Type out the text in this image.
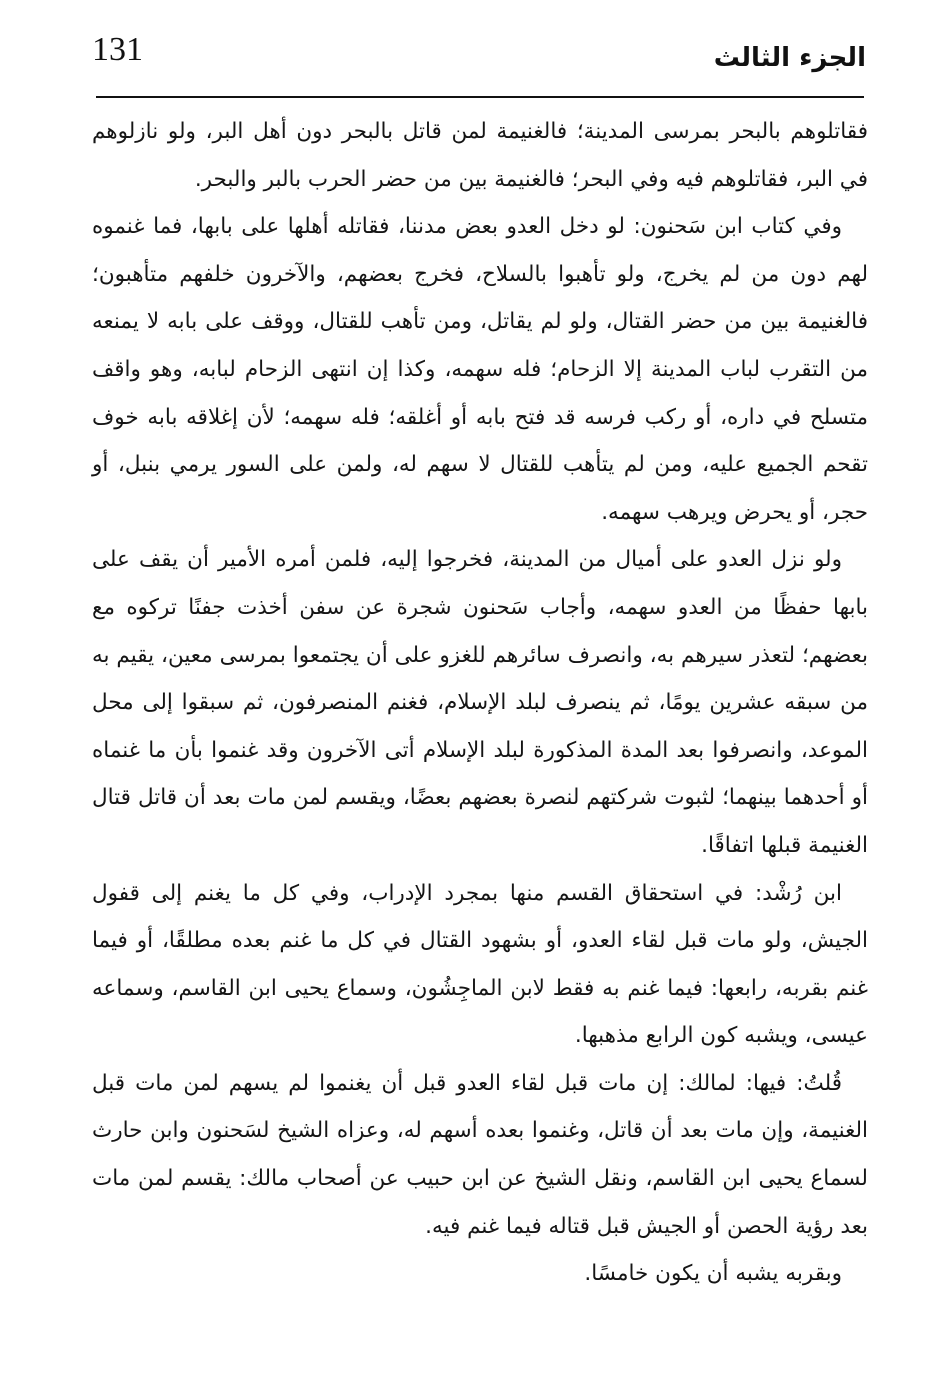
131	الجزء الثالث

فقاتلوهم بالبحر بمرسى المدينة؛ فالغنيمة لمن قاتل بالبحر دون أهل البر، ولو نازلوهم في البر، فقاتلوهم فيه وفي البحر؛ فالغنيمة بين من حضر الحرب بالبر والبحر.

وفي كتاب ابن سَحنون: لو دخل العدو بعض مدننا، فقاتله أهلها على بابها، فما غنموه لهم دون من لم يخرج، ولو تأهبوا بالسلاح، فخرج بعضهم، والآخرون خلفهم متأهبون؛ فالغنيمة بين من حضر القتال، ولو لم يقاتل، ومن تأهب للقتال، ووقف على بابه لا يمنعه من التقرب لباب المدينة إلا الزحام؛ فله سهمه، وكذا إن انتهى الزحام لبابه، وهو واقف متسلح في داره، أو ركب فرسه قد فتح بابه أو أغلقه؛ فله سهمه؛ لأن إغلاقه بابه خوف تقحم الجميع عليه، ومن لم يتأهب للقتال لا سهم له، ولمن على السور يرمي بنبل، أو حجر، أو يحرض ويرهب سهمه.

ولو نزل العدو على أميال من المدينة، فخرجوا إليه، فلمن أمره الأمير أن يقف على بابها حفظًا من العدو سهمه، وأجاب سَحنون شجرة عن سفن أخذت جفنًا تركوه مع بعضهم؛ لتعذر سيرهم به، وانصرف سائرهم للغزو على أن يجتمعوا بمرسى معين، يقيم به من سبقه عشرين يومًا، ثم ينصرف لبلد الإسلام، فغنم المنصرفون، ثم سبقوا إلى محل الموعد، وانصرفوا بعد المدة المذكورة لبلد الإسلام أتى الآخرون وقد غنموا بأن ما غنماه أو أحدهما بينهما؛ لثبوت شركتهم لنصرة بعضهم بعضًا، ويقسم لمن مات بعد أن قاتل قتال الغنيمة قبلها اتفاقًا.

ابن رُشْد: في استحقاق القسم منها بمجرد الإدراب، وفي كل ما يغنم إلى قفول الجيش، ولو مات قبل لقاء العدو، أو بشهود القتال في كل ما غنم بعده مطلقًا، أو فيما غنم بقربه، رابعها: فيما غنم به فقط لابن الماجِشُون، وسماع يحيى ابن القاسم، وسماعه عيسى، ويشبه كون الرابع مذهبها.

قُلتُ: فيها: لمالك: إن مات قبل لقاء العدو قبل أن يغنموا لم يسهم لمن مات قبل الغنيمة، وإن مات بعد أن قاتل، وغنموا بعده أسهم له، وعزاه الشيخ لسَحنون وابن حارث لسماع يحيى ابن القاسم، ونقل الشيخ عن ابن حبيب عن أصحاب مالك: يقسم لمن مات بعد رؤية الحصن أو الجيش قبل قتاله فيما غنم فيه.

وبقربه يشبه أن يكون خامسًا.
